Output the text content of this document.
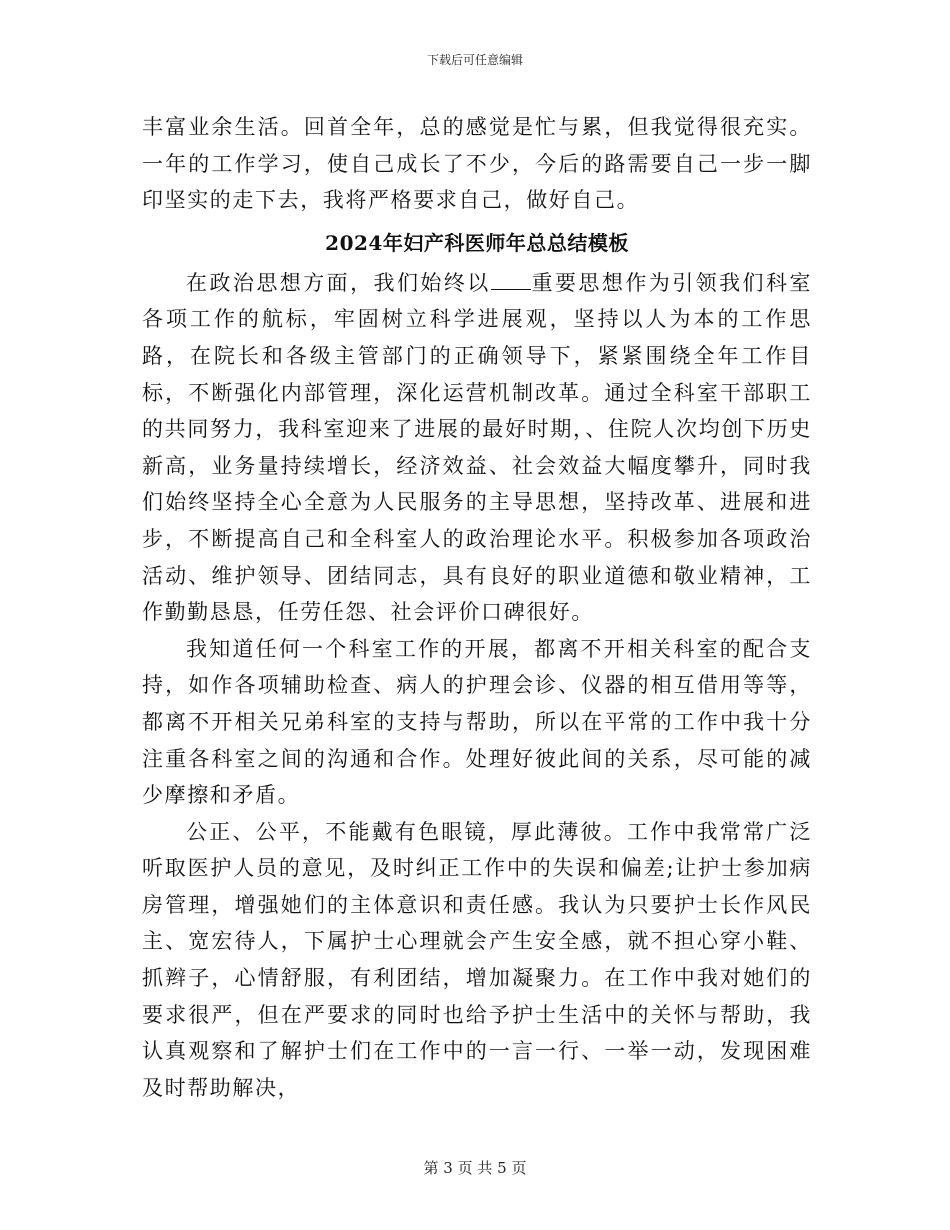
下载后可任意编辑

丰富业余生活。回首全年，总的感觉是忙与累，但我觉得很充实。一年的工作学习，使自己成长了不少，今后的路需要自己一步一脚印坚实的走下去，我将严格要求自己，做好自己。

2024年妇产科医师年总总结模板

在政治思想方面，我们始终以 重要思想作为引领我们科室各项工作的航标，牢固树立科学进展观，坚持以人为本的工作思路，在院长和各级主管部门的正确领导下，紧紧围绕全年工作目标，不断强化内部管理，深化运营机制改革。通过全科室干部职工的共同努力，我科室迎来了进展的最好时期，、住院人次均创下历史新高，业务量持续增长，经济效益、社会效益大幅度攀升，同时我们始终坚持全心全意为人民服务的主导思想，坚持改革、进展和进步，不断提高自己和全科室人的政治理论水平。积极参加各项政治活动、维护领导、团结同志，具有良好的职业道德和敬业精神，工作勤勤恳恳，任劳任怨、社会评价口碑很好。

我知道任何一个科室工作的开展，都离不开相关科室的配合支持，如作各项辅助检查、病人的护理会诊、仪器的相互借用等等，都离不开相关兄弟科室的支持与帮助，所以在平常的工作中我十分注重各科室之间的沟通和合作。处理好彼此间的关系，尽可能的减少摩擦和矛盾。

公正、公平，不能戴有色眼镜，厚此薄彼。工作中我常常广泛听取医护人员的意见，及时纠正工作中的失误和偏差;让护士参加病房管理，增强她们的主体意识和责任感。我认为只要护士长作风民主、宽宏待人，下属护士心理就会产生安全感，就不担心穿小鞋、抓辫子，心情舒服，有利团结，增加凝聚力。在工作中我对她们的要求很严，但在严要求的同时也给予护士生活中的关怀与帮助，我认真观察和了解护士们在工作中的一言一行、一举一动，发现困难及时帮助解决，

第 3 页 共 5 页
